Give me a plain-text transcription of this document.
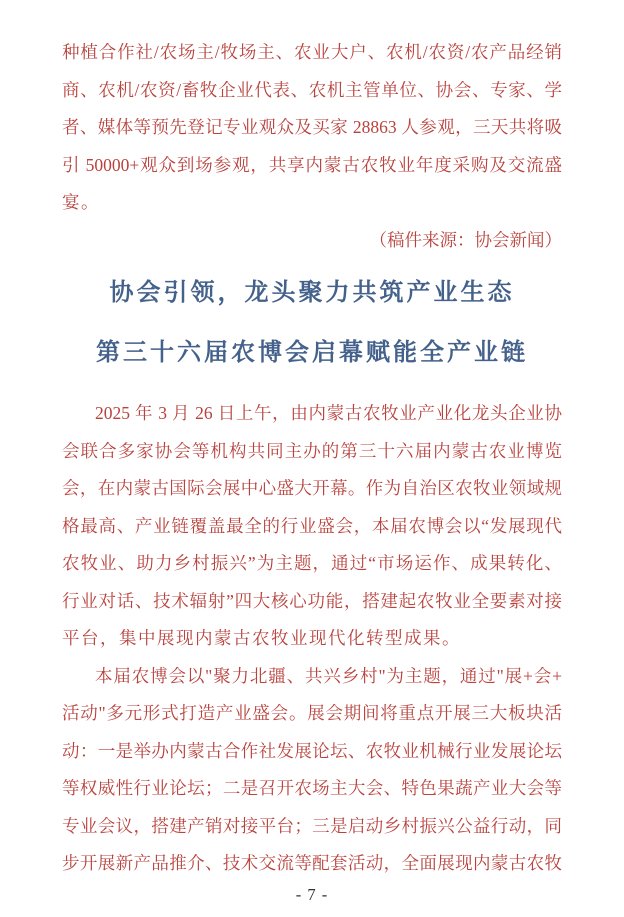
种植合作社/农场主/牧场主、农业大户、农机/农资/农产品经销
商、农机/农资/畜牧企业代表、农机主管单位、协会、专家、学
者、媒体等预先登记专业观众及买家 28863 人参观，三天共将吸
引 50000+观众到场参观，共享内蒙古农牧业年度采购及交流盛
宴。
（稿件来源：协会新闻）
协会引领，龙头聚力共筑产业生态
第三十六届农博会启幕赋能全产业链
2025 年 3 月 26 日上午，由内蒙古农牧业产业化龙头企业协
会联合多家协会等机构共同主办的第三十六届内蒙古农业博览
会，在内蒙古国际会展中心盛大开幕。作为自治区农牧业领域规
格最高、产业链覆盖最全的行业盛会，本届农博会以“发展现代
农牧业、助力乡村振兴”为主题，通过“市场运作、成果转化、
行业对话、技术辐射”四大核心功能，搭建起农牧业全要素对接
平台，集中展现内蒙古农牧业现代化转型成果。
本届农博会以"聚力北疆、共兴乡村"为主题，通过"展+会+
活动"多元形式打造产业盛会。展会期间将重点开展三大板块活
动：一是举办内蒙古合作社发展论坛、农牧业机械行业发展论坛
等权威性行业论坛；二是召开农场主大会、特色果蔬产业大会等
专业会议，搭建产销对接平台；三是启动乡村振兴公益行动，同
步开展新产品推介、技术交流等配套活动，全面展现内蒙古农牧
- 7 -
